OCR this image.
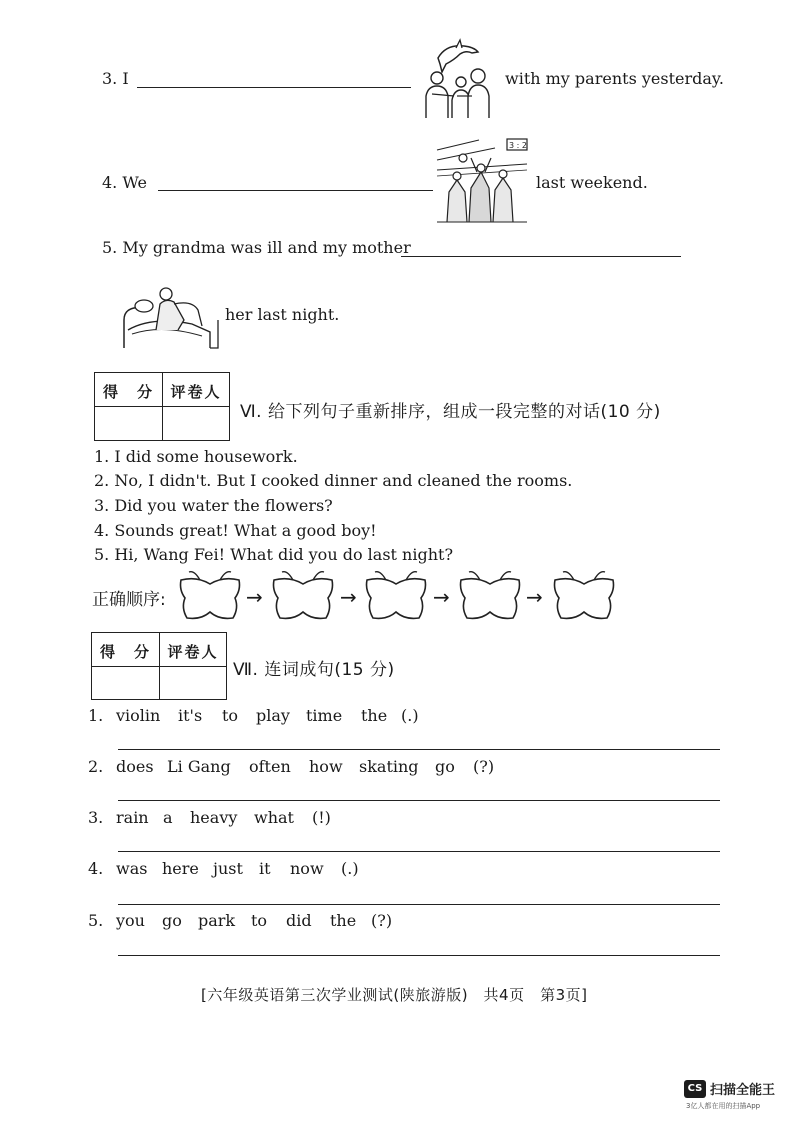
3. I	with my parents yesterday.
4. We
3 : 2
last weekend.
5. My grandma was ill and my mother
her last night.
得　分	评卷人
Ⅵ. 给下列句子重新排序，组成一段完整的对话(10 分)
1. I did some housework.
2. No, I didn't. But I cooked dinner and cleaned the rooms.
3. Did you water the flowers?
4. Sounds great! What a good boy!
5. Hi, Wang Fei! What did you do last night?
正确顺序:	→	→	→	→
得　分	评卷人
Ⅶ. 连词成句(15 分)
1. violin it's to play time the (.)
2. does Li Gang often how skating go (?)
3. rain a heavy what (!)
4. was here just it now (.)
5. you go park to did the (?)
[六年级英语第三次学业测试(陕旅游版)　共4页　第3页]
CS 扫描全能王
3亿人都在用的扫描App
